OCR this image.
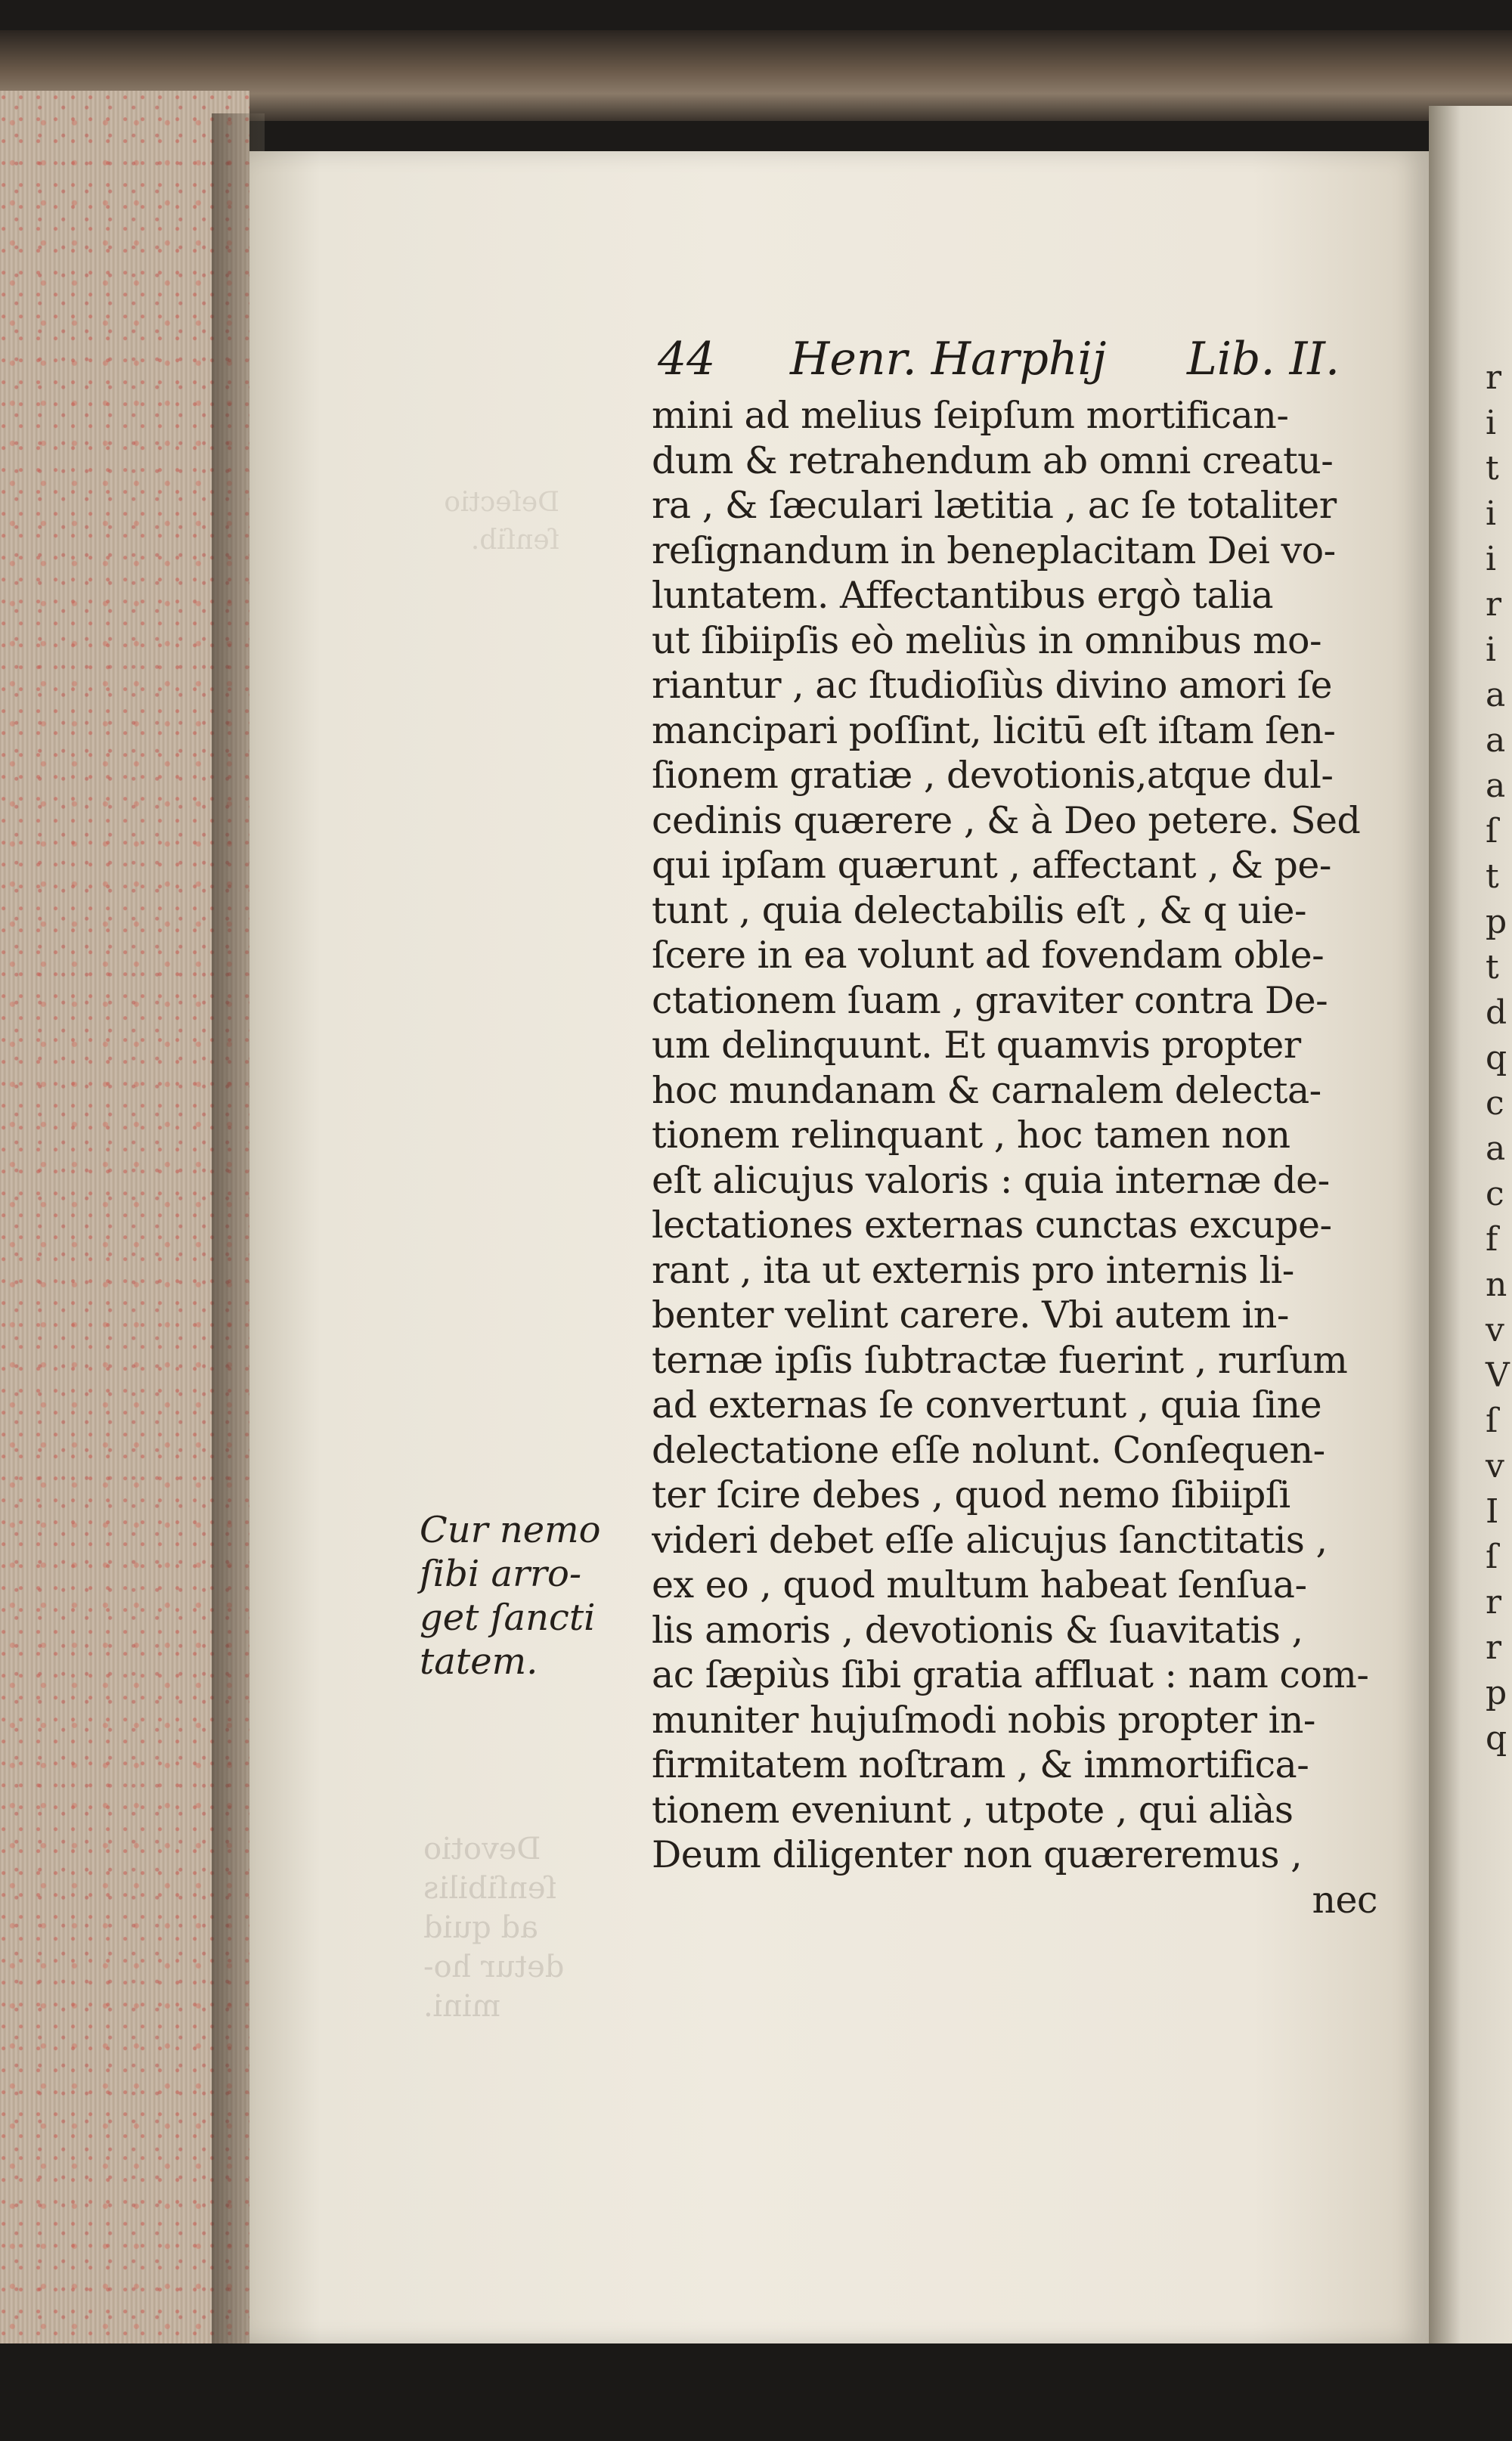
Deſectio
ſenſib.
Devotio
ſenſibilis
ad quid
detur ho-
mini.
44 Henr. Harphij Lib. II.
mini ad melius ſeipſum mortifican-
dum & retrahendum ab omni creatu-
ra , & ſæculari lætitia , ac ſe totaliter
reſignandum in beneplacitam Dei vo-
luntatem. Affectantibus ergò talia
ut ſibiipſis eò meliùs in omnibus mo-
riantur , ac ſtudioſiùs divino amori ſe
mancipari poſſint, licitū eſt iſtam ſen-
ſionem gratiæ , devotionis,atque dul-
cedinis quærere , & à Deo petere. Sed
qui ipſam quærunt , affectant , & pe-
tunt , quia delectabilis eſt , & q uie-
ſcere in ea volunt ad fovendam oble-
ctationem ſuam , graviter contra De-
um delinquunt. Et quamvis propter
hoc mundanam & carnalem delecta-
tionem relinquant , hoc tamen non
eſt alicujus valoris : quia internæ de-
lectationes externas cunctas excupe-
rant , ita ut externis pro internis li-
benter velint carere. Vbi autem in-
ternæ ipſis ſubtractæ fuerint , rurſum
ad externas ſe convertunt , quia ſine
delectatione eſſe nolunt. Conſequen-
ter ſcire debes , quod nemo ſibiipſi
videri debet eſſe alicujus ſanctitatis ,
ex eo , quod multum habeat ſenſua-
lis amoris , devotionis & ſuavitatis ,
ac ſæpiùs ſibi gratia affluat : nam com-
muniter hujuſmodi nobis propter in-
firmitatem noſtram , & immortifica-
tionem eveniunt , utpote , qui aliàs
Deum diligenter non quæreremus ,
nec
Cur nemo
ſibi arro-
get ſancti
tatem.
r
i
t
i
i
r
i
a
a
a
ſ
t
p
t
d
q
c
a
c
f
n
v
V
ſ
v
I
ſ
r
r
p
q
